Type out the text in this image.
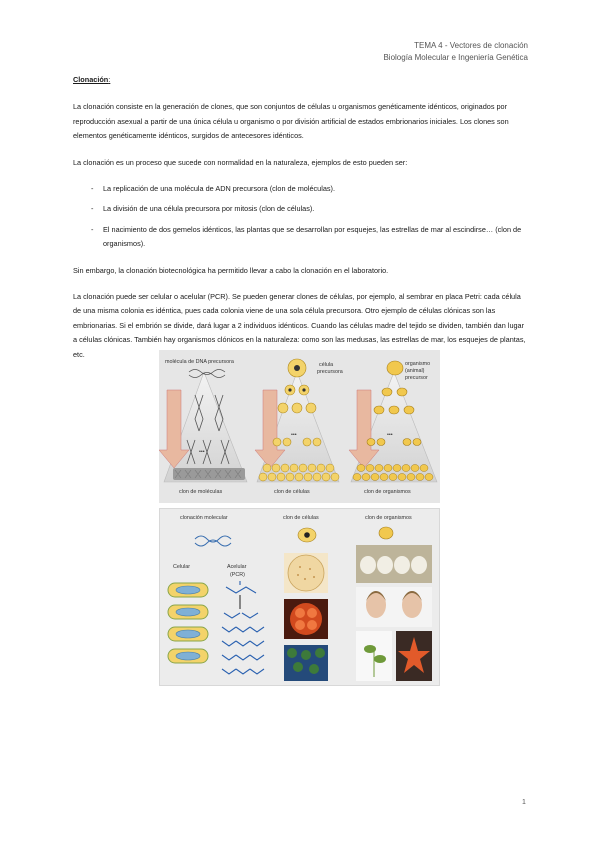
TEMA 4 - Vectores de clonación
Biología Molecular e Ingeniería Genética
Clonación:

La clonación consiste en la generación de clones, que son conjuntos de células u organismos genéticamente idénticos, originados por reproducción asexual a partir de una única célula u organismo o por división artificial de estados embrionarios iniciales. Los clones son elementos genéticamente idénticos, surgidos de antecesores idénticos.

La clonación es un proceso que sucede con normalidad en la naturaleza, ejemplos de esto pueden ser:

- La replicación de una molécula de ADN precursora (clon de moléculas).
- La división de una célula precursora por mitosis (clon de células).
- El nacimiento de dos gemelos idénticos, las plantas que se desarrollan por esquejes, las estrellas de mar al escindirse… (clon de organismos).

Sin embargo, la clonación biotecnológica ha permitido llevar a cabo la clonación en el laboratorio.

La clonación puede ser celular o acelular (PCR). Se pueden generar clones de células, por ejemplo, al sembrar en placa Petri: cada célula de una misma colonia es idéntica, pues cada colonia viene de una sola célula precursora. Otro ejemplo de células clónicas son las embrionarias. Si el embrión se divide, dará lugar a 2 individuos idénticos. Cuando las células madre del tejido se dividen, también dan lugar a células clónicas. También hay organismos clónicos en la naturaleza: como son las medusas, las estrellas de mar, los esquejes de plantas, etc.

molécula de DNA precursora	célula
precursora
organismo
(animal)
precursor
•••
•••	•••
clon de moléculas	clon de células	clon de organismos
clonación molecular	clon de células	clon de organismos
Celular	Acelular
(PCR)
1
